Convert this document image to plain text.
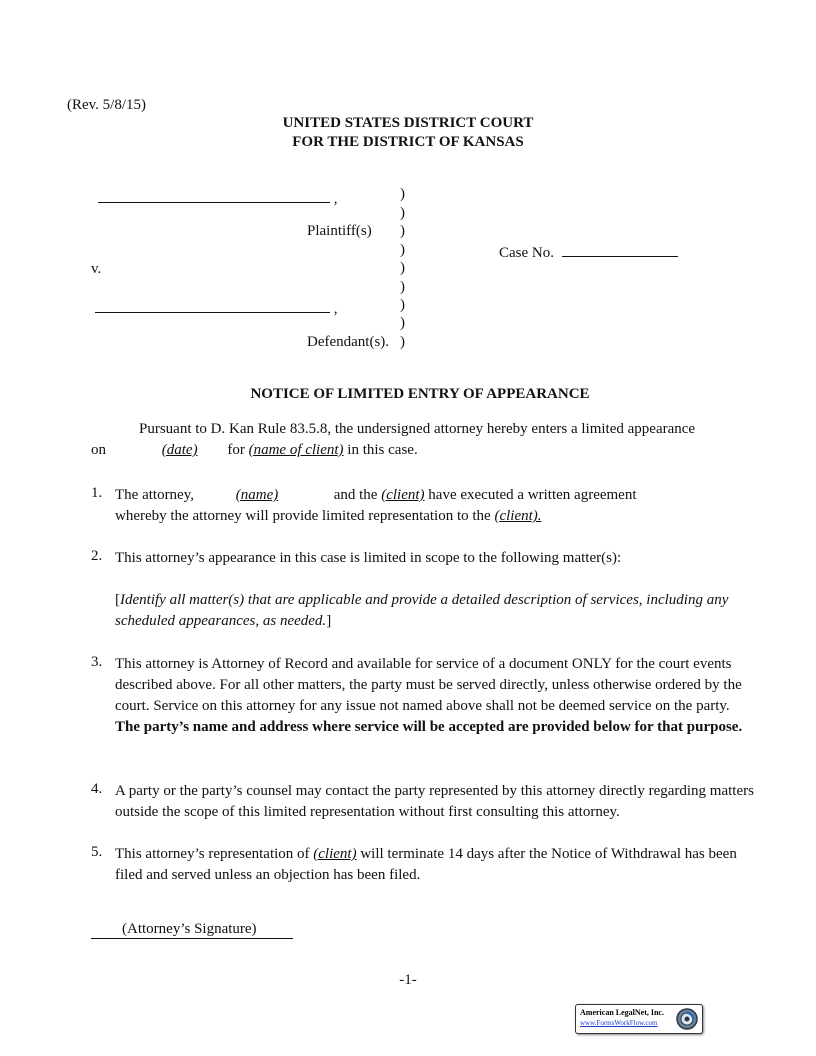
(Rev. 5/8/15)
UNITED STATES DISTRICT COURT
FOR THE DISTRICT OF KANSAS
,
Plaintiff(s)
v.
,
Defendant(s).
)
)
)
)
)
)
)
)
)
Case No.
NOTICE OF LIMITED ENTRY OF APPEARANCE
Pursuant to D. Kan Rule 83.5.8, the undersigned attorney hereby enters a limited appearance
on	(date) for (name of client) in this case.
1. The attorney,	(name)	and the (client) have executed a written agreement
whereby the attorney will provide limited representation to the (client).
2. This attorney’s appearance in this case is limited in scope to the following matter(s):
[Identify all matter(s) that are applicable and provide a detailed description of services, including any scheduled appearances, as needed.]
3. This attorney is Attorney of Record and available for service of a document ONLY for the court events described above. For all other matters, the party must be served directly, unless otherwise ordered by the court. Service on this attorney for any issue not named above shall not be deemed service on the party. The party’s name and address where service will be accepted are provided below for that purpose.
4. A party or the party’s counsel may contact the party represented by this attorney directly regarding matters outside the scope of this limited representation without first consulting this attorney.
5. This attorney’s representation of (client) will terminate 14 days after the Notice of Withdrawal has been filed and served unless an objection has been filed.
(Attorney’s Signature)
-1-
American LegalNet, Inc.
www.FormsWorkFlow.com
